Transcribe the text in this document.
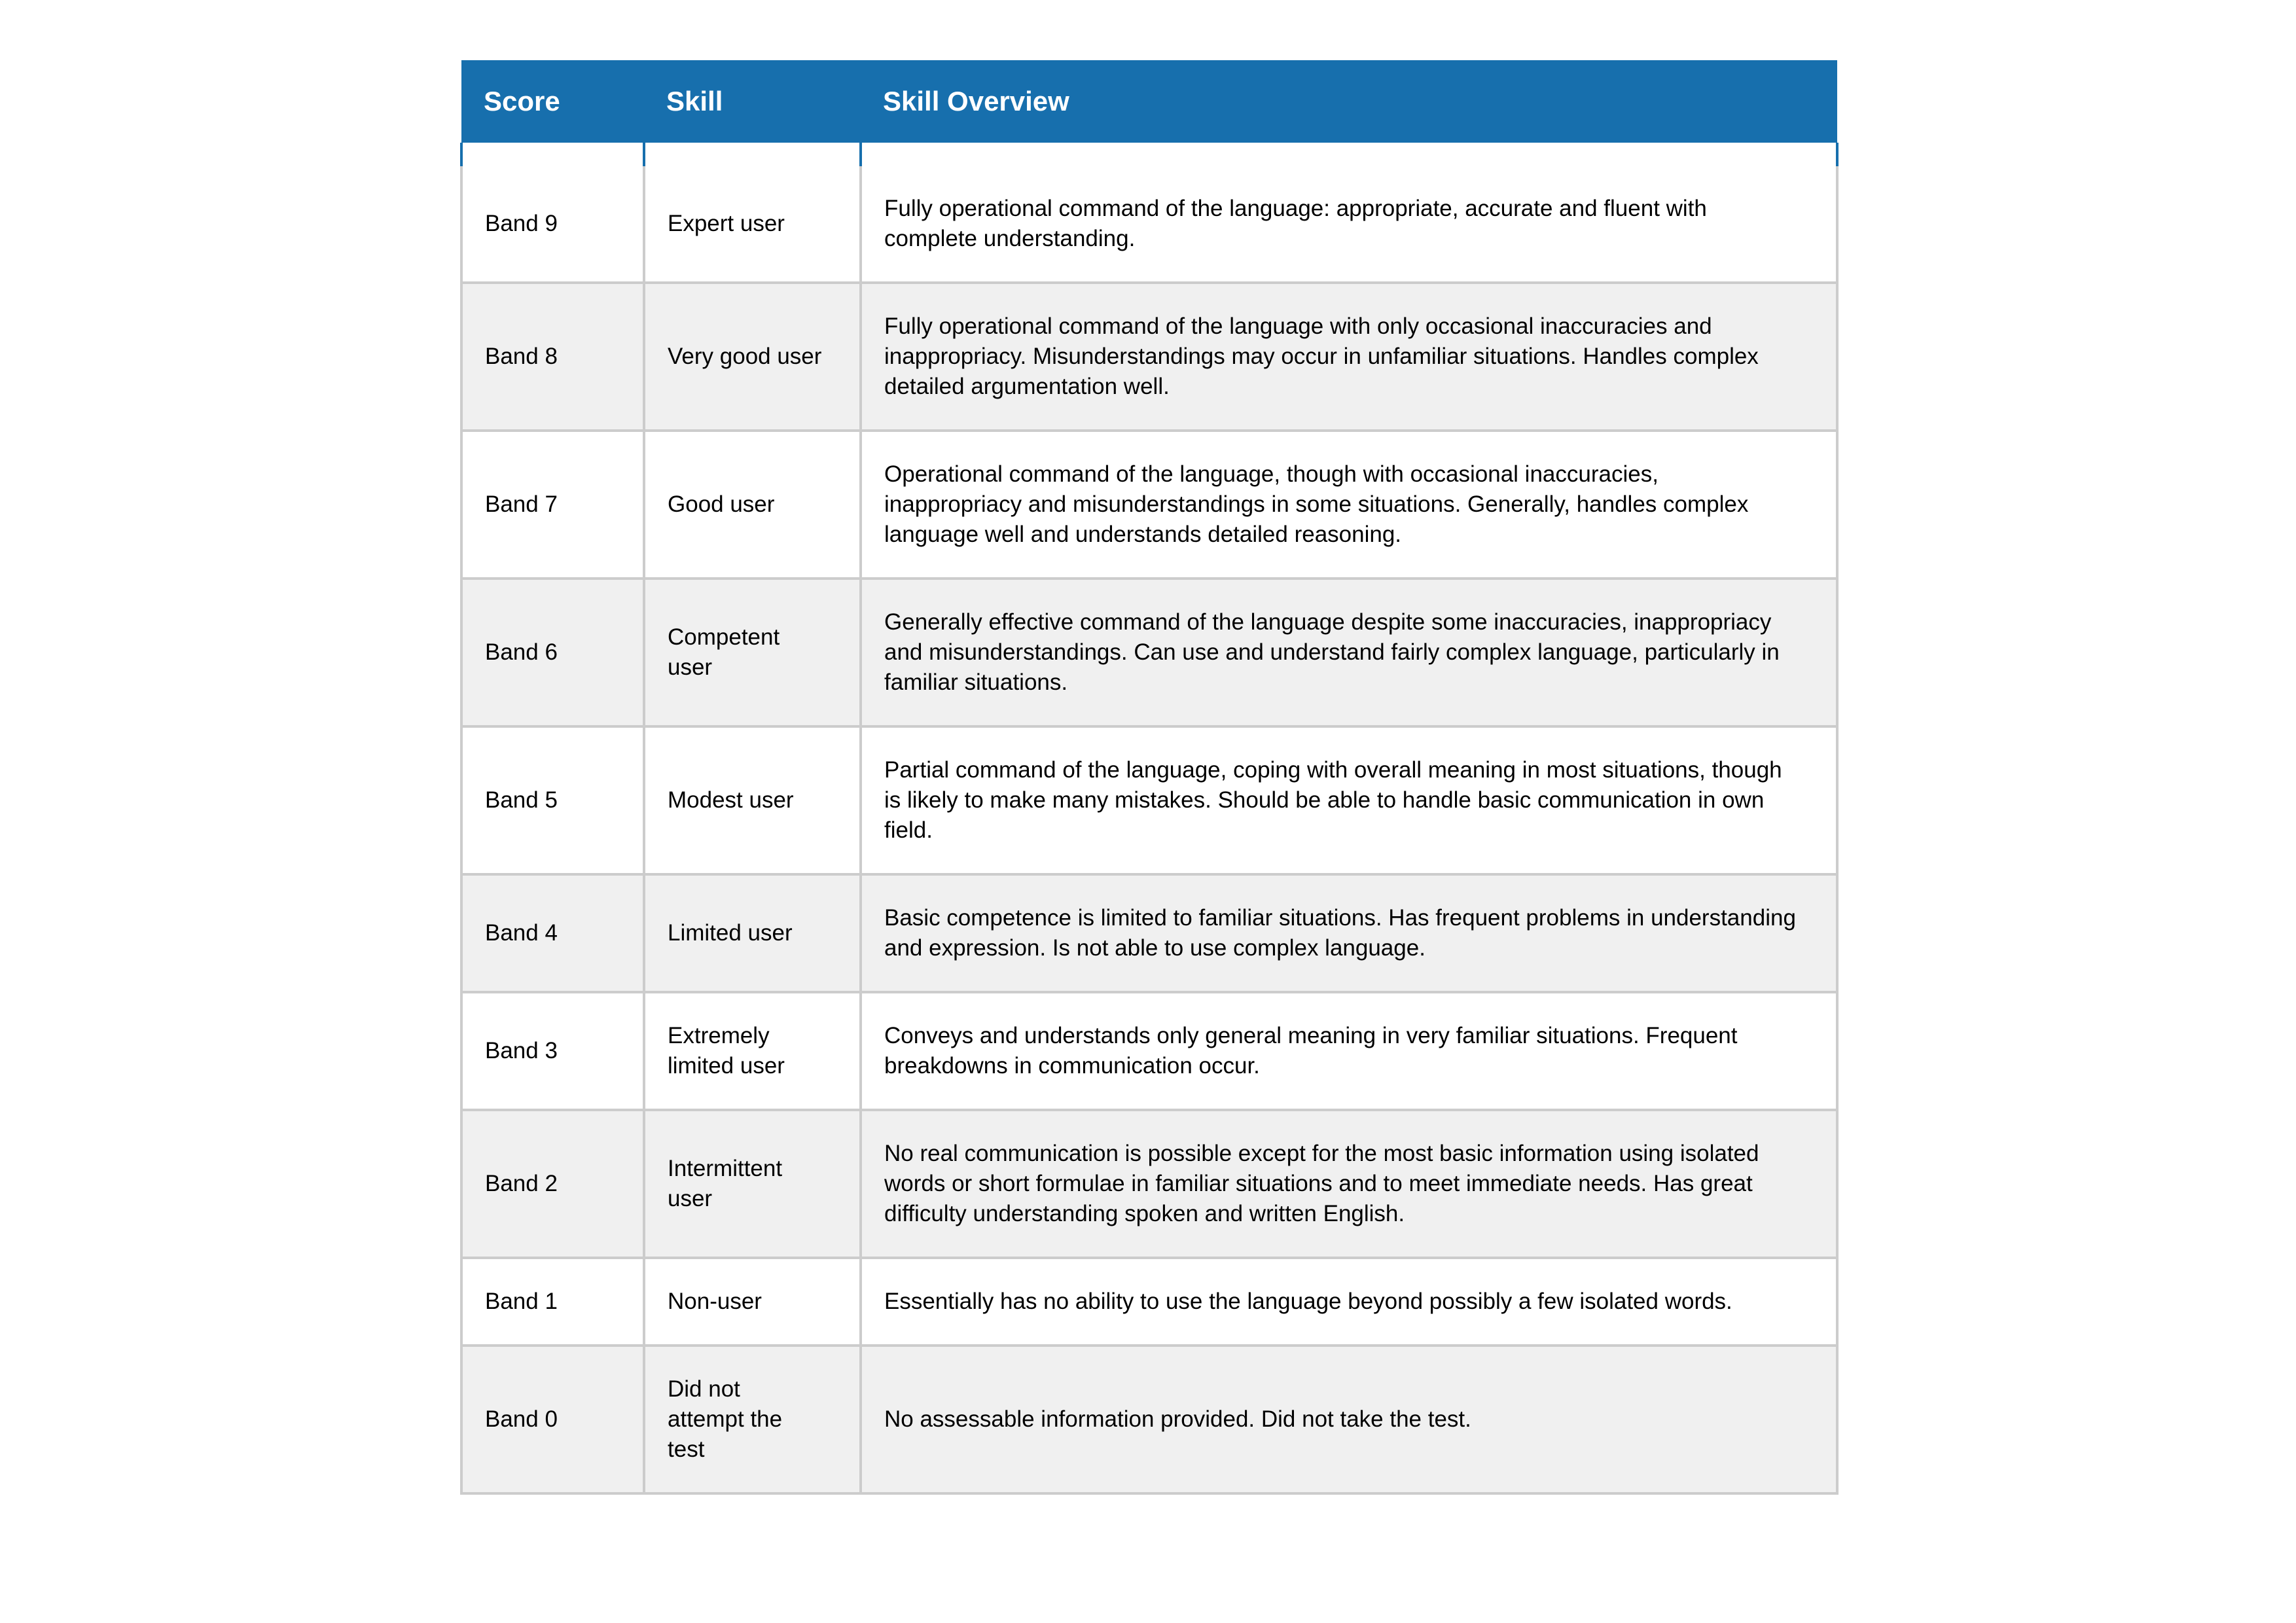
Score	Skill	Skill Overview

Band 9	Expert user	Fully operational command of the language: appropriate, accurate and fluent with complete understanding.
Band 8	Very good user	Fully operational command of the language with only occasional inaccuracies and inappropriacy. Misunderstandings may occur in unfamiliar situations. Handles complex detailed argumentation well.
Band 7	Good user	Operational command of the language, though with occasional inaccuracies, inappropriacy and misunderstandings in some situations. Generally, handles complex language well and understands detailed reasoning.
Band 6	Competent user	Generally effective command of the language despite some inaccuracies, inappropriacy and misunderstandings. Can use and understand fairly complex language, particularly in familiar situations.
Band 5	Modest user	Partial command of the language, coping with overall meaning in most situations, though is likely to make many mistakes. Should be able to handle basic communication in own field.
Band 4	Limited user	Basic competence is limited to familiar situations. Has frequent problems in understanding and expression. Is not able to use complex language.
Band 3	Extremely limited user	Conveys and understands only general meaning in very familiar situations. Frequent breakdowns in communication occur.
Band 2	Intermittent user	No real communication is possible except for the most basic information using isolated words or short formulae in familiar situations and to meet immediate needs. Has great difficulty understanding spoken and written English.
Band 1	Non-user	Essentially has no ability to use the language beyond possibly a few isolated words.
Band 0	Did not attempt the test	No assessable information provided. Did not take the test.
